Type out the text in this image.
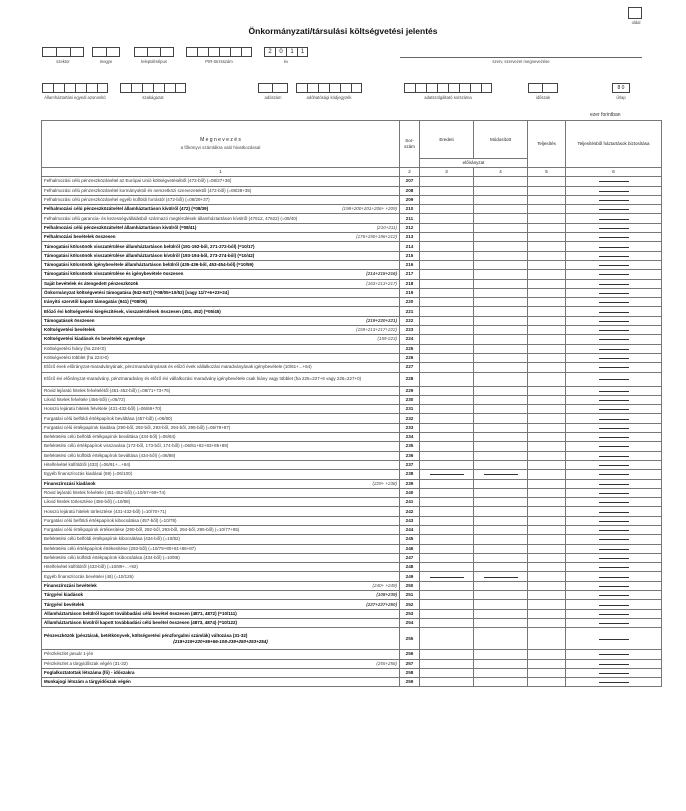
oldal
Önkormányzati/társulási költségvetési jelentés
szektor	megye	településtípus	PIR-törzsszám
2 0 1 1
év	szerv, szervezet megnevezése
Államháztartási egyedi azonosító	szakágazat	adószám	adóhatósági kódjegyzék	adatszolgáltató sorszáma	időszak
8 0
űrlap
ezer forintban
M e g n e v e z é s
a főkönyvi számlákra való hivatkozással	Sor-szám	Eredeti	Módosított	Teljesítés	Teljesítésből háztartások biztosítása
		előirányzat			
1	2	3	4	5	6
Felhalmozási célú pénzeszközátvétel az Európai Unió költségvetéséből (472-ből) (=08/27+36)	207				
Felhalmozási célú pénzeszközátvétel kormányoktól és nemzetközi szervezetektől (472-ből) (=08/28+35)	208				
Felhalmozási célú pénzeszközátvétel egyéb külföldi forrástól (472-ből) (=08/29+37)	209				
Felhalmozási célú pénzeszközátvétel államháztartáson kívülről (472) (=08/39) (198+200+201+206+ +209)	210				
Felhalmozási célú garancia- és kezességvállalásból származó megtérülések államháztartáson kívülről (47612, 47622) (=08/40)	211				
Felhalmozási célú pénzeszközátvétel államháztartáson kívülről (=08/41) (210+211)	212				
Felhalmozási bevételek összesen (176+190+196+212)	213				
Támogatási kölcsönök visszatérülése államháztartáson belülről (191-192-ből, 271-272-ből) (=10/17)	214				
Támogatási kölcsönök visszatérülése államháztartáson kívülről (193-194-ből, 273-274-ből) (=10/42)	215				
Támogatási kölcsönök igénybevétele államháztartáson belülről (435-436-ből, 453-454-ből) (=10/59)	216				
Támogatási kölcsönök visszatérülése és igénybevétele összesen (214+215+216)	217				
Saját bevételek és átengedett pénzeszközök (163+213+217)	218				
Önkormányzat költségvetési támogatása (942-947) (=08/05+10/52) [vagy 11/7+6+23+24]	219				
Irányító szervtől kapott támogatás (941) (=08/05)	220				
Előző évi költségvetési kiegészítések, visszatérülések összesen (451, 452) (=05/45)	221				
Támogatások összesen (219+220+221)	222				
Költségvetési bevételek (159+213+217+222)	223				
Költségvetési kiadások és bevételek egyenlege (159-223)	224				
Költségvetési hiány (ha 224<0)	225				
Költségvetési többlet (ha 224>0)	226				
Előző évek előirányzat-maradványának, pénzmaradványának és előző évek vállalkozási maradványának igénybevétele (10/61+...+64)	227				
Előző évi előirányzat-maradvány, pénzmaradvány és előző évi vállalkozási maradvány igénybevétele csak hiány vagy többlet (ha 225=227+6 vagy 226=227+0)	228				
Rövid lejáratú hitelek felvételétől (451-452-ből) (=08/71+73+76)	229				
Likvid hitelek felvétele (456-ből) (=06/72)	230				
Hosszú lejáratú hitelek felvétele (431-432-ből) (=06/69+70)	231				
Forgatási célú belföldi értékpapírok beváltása (457-ből) (=06/80)	232				
Forgatási célú értékpapírok kiadása (290-ből, 292-ből, 293-ből, 294-ből, 295-ből) (=06/79+87)	233				
Befektetési célú belföldi értékpapírok beváltása (434-ből) (=06/84)	234				
Befektetési célú értékpapírok visszavása (172-ből, 173-ből, 174-ből) (=06/81+82+83+85+89)	235				
Befektetési célú külföldi értékpapírok beváltása (434-ből) (=06/88)	236				
Hitelfelvétel külföldről (433) (=06/91+...+94)	237				
Egyéb finanszírozás kiadásai (59) (=06/100)	238				
Finanszírozási kiadások (229+ +238)	239				
Rövid lejáratú hitelek felvétele (451-452-ből) (=10/67+69+74)	240				
Likvid hitelek törlesztése (456-ből) (=10/88)	241				
Hosszú lejáratú hitelek törlesztése (431-432-ből) (=10/70+71)	242				
Forgatási célú belföldi értékpapírok kibocsátása (457-ből) (=10/78)	243				
Forgatási célú értékpapírok értékesítése (290-ből, 292-ből, 293-ből, 294-ből, 295-ből) (=10/77+85)	244				
Befektetési célú belföldi értékpapírok kibocsátása (434-ből) (=10/82)	245				
Befektetési célú értékpapírok értékesítése (293-ből) (=10/79+80+81+86+87)	246				
Befektetési célú külföldi értékpapírok kibocsátása (434-ből) (=10/86)	247				
Hitelfelvétel külföldről (433-ből) (=10/89+...+92)	248				
Egyéb finanszírozás bevételei (48) (=10/126)	249				
Finanszírozási bevételek (240+ +249)	250				
Tárgyévi kiadások (108+239)	251				
Tárgyévi bevételek (227+227+250)	252				
Államháztartáson belülről kapott továbbadási célú bevétel összesen (4871, 4872) (=10/111)	253				
Államháztartáson kívülről kapott továbbadási célú bevétel összesen (4873, 4874) (=10/122)	254				
Pénzeszközök (pénztárak, betétkönyvek, költségvetési pénzforgalmi számlák) változása (31-32)
(218+219+220+55+56-108-239+250+253+254)	255				
Pénzkészlet január 1-jén	256				
Pénzkészlet a tárgyidőszak végén (31-32) (255+256)	257				
Foglalkoztatottak létszáma (fő) - időszakra	258				
Munkajogi létszám a tárgyidőszak végén	259				
